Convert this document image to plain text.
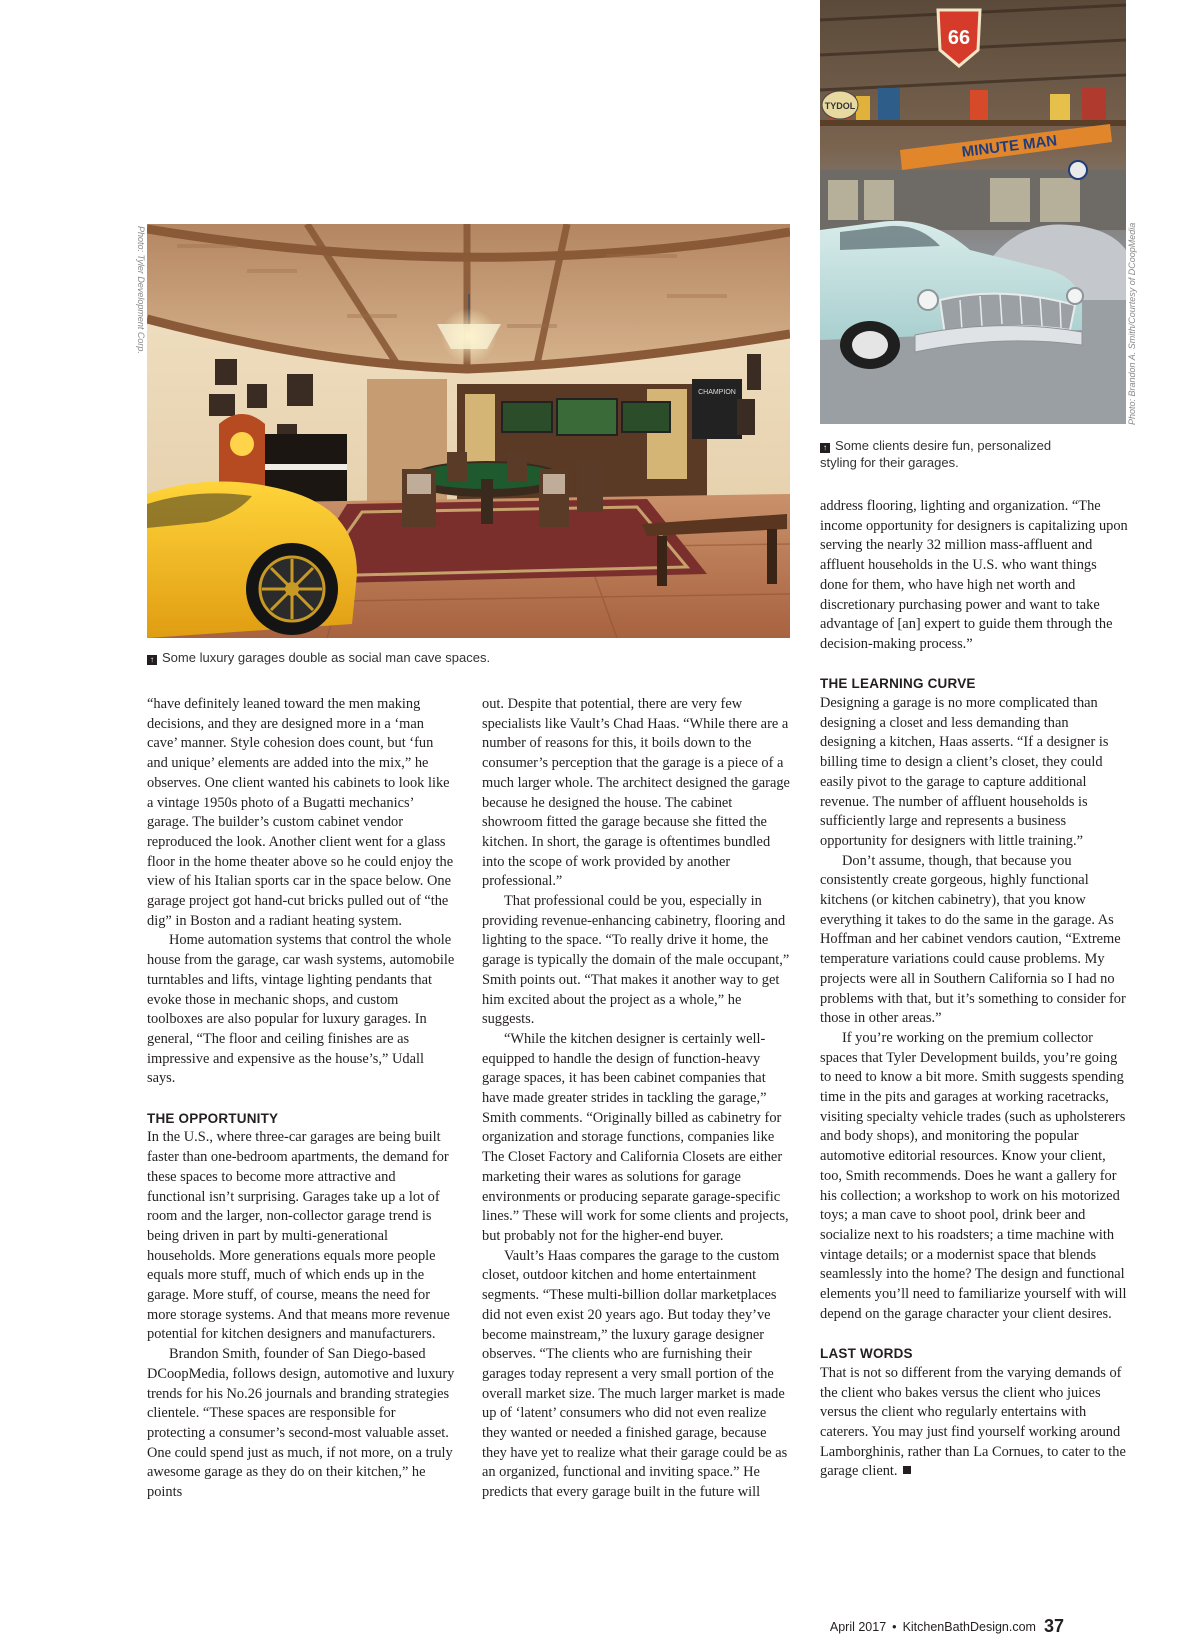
66
TYDOL
MINUTE MAN
Photo: Brandon A. Smith/Courtesy of DCoopMedia
↑ Some clients desire fun, personalized
styling for their garages.
Photo: Tyler Development Corp.
CHAMPION
↑ Some luxury garages double as social man cave spaces.

“have definitely leaned toward the men making decisions, and they are designed more in a ‘man cave’ manner. Style cohesion does count, but ‘fun and unique’ elements are added into the mix,” he observes. One client wanted his cabinets to look like a vintage 1950s photo of a Bugatti mechanics’ garage. The builder’s custom cabinet vendor reproduced the look. Another client went for a glass floor in the home theater above so he could enjoy the view of his Italian sports car in the space below. One garage project got hand-cut bricks pulled out of “the dig” in Boston and a radiant heating system.

Home automation systems that control the whole house from the garage, car wash systems, automobile turntables and lifts, vintage lighting pendants that evoke those in mechanic shops, and custom toolboxes are also popular for luxury garages. In general, “The floor and ceiling finishes are as impressive and expensive as the house’s,” Udall says.

THE OPPORTUNITY

In the U.S., where three-car garages are being built faster than one-bedroom apartments, the demand for these spaces to become more attractive and functional isn’t surprising. Garages take up a lot of room and the larger, non-collector garage trend is being driven in part by multi-generational households. More generations equals more people equals more stuff, much of which ends up in the garage. More stuff, of course, means the need for more storage systems. And that means more revenue potential for kitchen designers and manufacturers.

Brandon Smith, founder of San Diego-based DCoopMedia, follows design, automotive and luxury trends for his No.26 journals and branding strategies clientele. “These spaces are responsible for protecting a consumer’s second-most valuable asset. One could spend just as much, if not more, on a truly awesome garage as they do on their kitchen,” he points

out. Despite that potential, there are very few specialists like Vault’s Chad Haas. “While there are a number of reasons for this, it boils down to the consumer’s perception that the garage is a piece of a much larger whole. The architect designed the garage because he designed the house. The cabinet showroom fitted the garage because she fitted the kitchen. In short, the garage is oftentimes bundled into the scope of work provided by another professional.”

That professional could be you, especially in providing revenue-enhancing cabinetry, flooring and lighting to the space. “To really drive it home, the garage is typically the domain of the male occupant,” Smith points out. “That makes it another way to get him excited about the project as a whole,” he suggests.

“While the kitchen designer is certainly well-equipped to handle the design of function-heavy garage spaces, it has been cabinet companies that have made greater strides in tackling the garage,” Smith comments. “Originally billed as cabinetry for organization and storage functions, companies like The Closet Factory and California Closets are either marketing their wares as solutions for garage environments or producing separate garage-specific lines.” These will work for some clients and projects, but probably not for the higher-end buyer.

Vault’s Haas compares the garage to the custom closet, outdoor kitchen and home entertainment segments. “These multi-billion dollar marketplaces did not even exist 20 years ago. But today they’ve become mainstream,” the luxury garage designer observes. “The clients who are furnishing their garages today represent a very small portion of the overall market size. The much larger market is made up of ‘latent’ consumers who did not even realize they wanted or needed a finished garage, because they have yet to realize what their garage could be as an organized, functional and inviting space.” He predicts that every garage built in the future will

address flooring, lighting and organization. “The income opportunity for designers is capitalizing upon serving the nearly 32 million mass-affluent and affluent households in the U.S. who want things done for them, who have high net worth and discretionary purchasing power and want to take advantage of [an] expert to guide them through the decision-making process.”

THE LEARNING CURVE

Designing a garage is no more complicated than designing a closet and less demanding than designing a kitchen, Haas asserts. “If a designer is billing time to design a client’s closet, they could easily pivot to the garage to capture additional revenue. The number of affluent households is sufficiently large and represents a business opportunity for designers with little training.”

Don’t assume, though, that because you consistently create gorgeous, highly functional kitchens (or kitchen cabinetry), that you know everything it takes to do the same in the garage. As Hoffman and her cabinet vendors caution, “Extreme temperature variations could cause problems. My projects were all in Southern California so I had no problems with that, but it’s something to consider for those in other areas.”

If you’re working on the premium collector spaces that Tyler Development builds, you’re going to need to know a bit more. Smith suggests spending time in the pits and garages at working racetracks, visiting specialty vehicle trades (such as upholsterers and body shops), and monitoring the popular automotive editorial resources. Know your client, too, Smith recommends. Does he want a gallery for his collection; a workshop to work on his motorized toys; a man cave to shoot pool, drink beer and socialize next to his roadsters; a time machine with vintage details; or a modernist space that blends seamlessly into the home? The design and functional elements you’ll need to familiarize yourself with will depend on the garage character your client desires.

LAST WORDS

That is not so different from the varying demands of the client who bakes versus the client who juices versus the client who regularly entertains with caterers. You may just find yourself working around Lamborghinis, rather than La Cornues, to cater to the garage client.

April 2017 • KitchenBathDesign.com 37
